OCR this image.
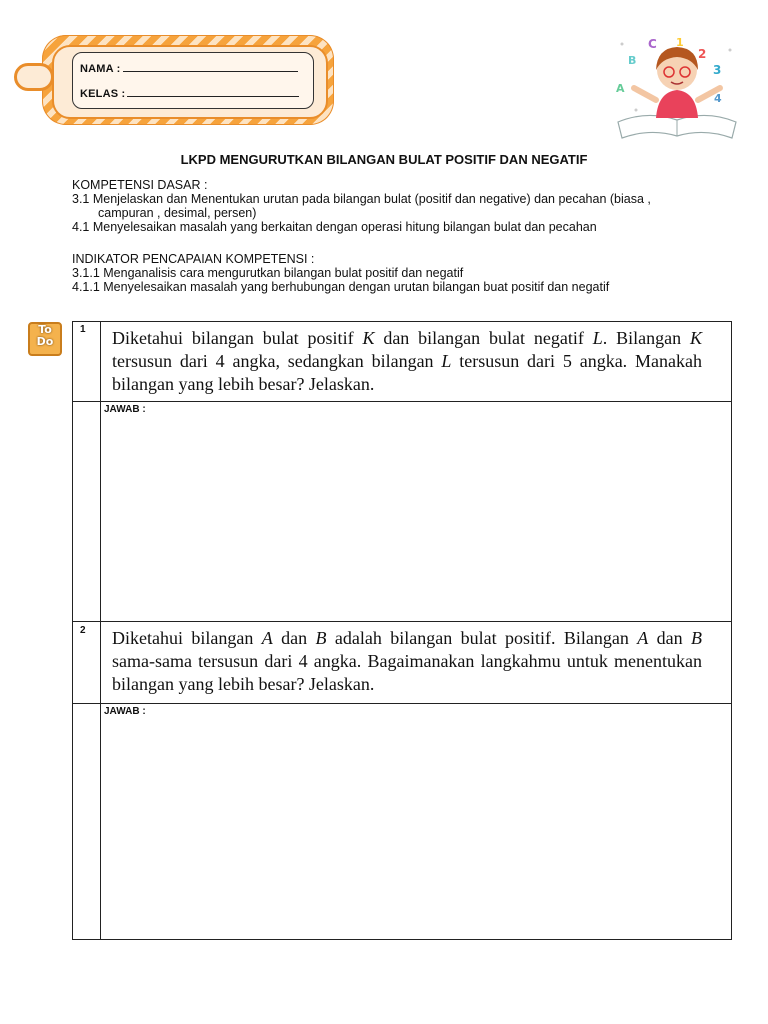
NAMA :
KELAS :
B
C 1
2
3
4
A
LKPD MENGURUTKAN BILANGAN BULAT POSITIF DAN NEGATIF

KOMPETENSI DASAR :

3.1 Menjelaskan dan Menentukan urutan pada bilangan bulat (positif dan negative) dan pecahan (biasa ,

campuran , desimal, persen)

4.1 Menyelesaikan masalah yang berkaitan dengan operasi hitung bilangan bulat dan pecahan

INDIKATOR PENCAPAIAN KOMPETENSI :

3.1.1 Menganalisis cara mengurutkan bilangan bulat positif dan negatif

4.1.1 Menyelesaikan masalah yang berhubungan dengan urutan bilangan buat positif dan negatif

To
Do
1 Diketahui bilangan bulat positif K dan bilangan bulat negatif L. Bilangan K tersusun dari 4 angka, sedangkan bilangan L tersusun dari 5 angka. Manakah bilangan yang lebih besar? Jelaskan.
JAWAB :
2 Diketahui bilangan A dan B adalah bilangan bulat positif. Bilangan A dan B sama-sama tersusun dari 4 angka. Bagaimanakan langkahmu untuk menentukan bilangan yang lebih besar? Jelaskan.
JAWAB :
